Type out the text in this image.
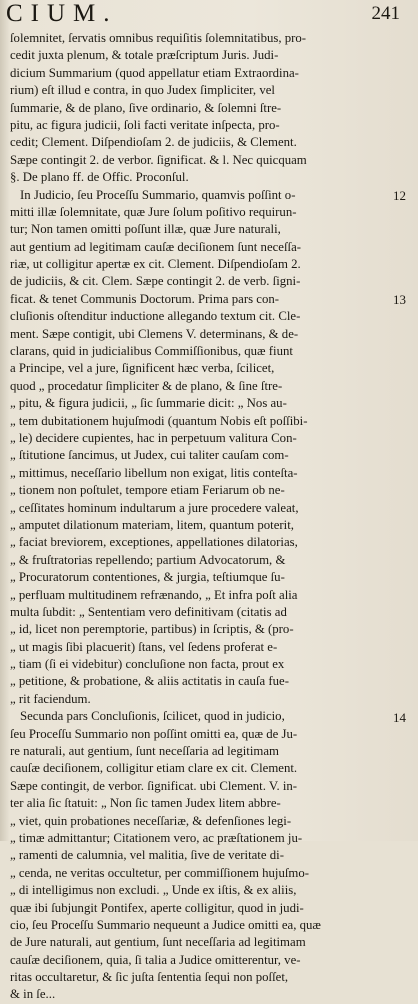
CIUM.	241
ſolemnitet, ſervatis omnibus requiſitis ſolemnitatibus, pro-
cedit juxta plenum, & totale præſcriptum Juris. Judi-
dicium Summarium (quod appellatur etiam Extraordina-
rium) eſt illud e contra, in quo Judex ſimpliciter, vel
ſummarie, & de plano, ſive ordinario, & ſolemni ſtre-
pitu, ac figura judicii, ſoli facti veritate inſpecta, pro-
cedit; Clement. Diſpendioſam 2. de judiciis, & Clement.
Sæpe contingit 2. de verbor. ſignificat. & l. Nec quicquam
§. De plano ff. de Offic. Proconſul.
In Judicio, ſeu Proceſſu Summario, quamvis poſſint o-
mitti illæ ſolemnitate, quæ Jure ſolum poſitivo requirun-
tur; Non tamen omitti poſſunt illæ, quæ Jure naturali,
aut gentium ad legitimam cauſæ deciſionem ſunt neceſſa-
riæ, ut colligitur apertæ ex cit. Clement. Diſpendioſam 2.
de judiciis, & cit. Clem. Sæpe contingit 2. de verb. ſigni-
ficat. & tenet Communis Doctorum. Prima pars con-
cluſionis oſtenditur inductione allegando textum cit. Cle-
ment. Sæpe contigit, ubi Clemens V. determinans, & de-
clarans, quid in judicialibus Commiſſionibus, quæ fiunt
a Principe, vel a jure, ſignificent hæc verba, ſcilicet,
quod „ procedatur ſimpliciter & de plano, & ſine ſtre-
„ pitu, & figura judicii, „ ſic ſummarie dicit: „ Nos au-
„ tem dubitationem hujuſmodi (quantum Nobis eſt poſſibi-
„ le) decidere cupientes, hac in perpetuum valitura Con-
„ ſtitutione ſancimus, ut Judex, cui taliter cauſam com-
„ mittimus, neceſſario libellum non exigat, litis conteſta-
„ tionem non poſtulet, tempore etiam Feriarum ob ne-
„ ceſſitates hominum indultarum a jure procedere valeat,
„ amputet dilationum materiam, litem, quantum poterit,
„ faciat breviorem, exceptiones, appellationes dilatorias,
„ & fruſtratorias repellendo; partium Advocatorum, &
„ Procuratorum contentiones, & jurgia, teſtiumque ſu-
„ perfluam multitudinem refrænando, „ Et infra poſt alia
multa ſubdit: „ Sententiam vero definitivam (citatis ad
„ id, licet non peremptorie, partibus) in ſcriptis, & (pro-
„ ut magis ſibi placuerit) ſtans, vel ſedens proferat e-
„ tiam (ſi ei videbitur) concluſione non facta, prout ex
„ petitione, & probatione, & aliis actitatis in cauſa fue-
„ rit faciendum.
Secunda pars Concluſionis, ſcilicet, quod in judicio,
ſeu Proceſſu Summario non poſſint omitti ea, quæ de Ju-
re naturali, aut gentium, ſunt neceſſaria ad legitimam
cauſæ deciſionem, colligitur etiam clare ex cit. Clement.
Sæpe contingit, de verbor. ſignificat. ubi Clement. V. in-
ter alia ſic ſtatuit: „ Non ſic tamen Judex litem abbre-
„ viet, quin probationes neceſſariæ, & defenſiones legi-
„ timæ admittantur; Citationem vero, ac præſtationem ju-
„ ramenti de calumnia, vel malitia, ſive de veritate di-
„ cenda, ne veritas occultetur, per commiſſionem hujuſmo-
„ di intelligimus non excludi. „ Unde ex iſtis, & ex aliis,
quæ ibi ſubjungit Pontifex, aperte colligitur, quod in judi-
cio, ſeu Proceſſu Summario nequeunt a Judice omitti ea, quæ
de Jure naturali, aut gentium, ſunt neceſſaria ad legitimam
cauſæ deciſionem, quia, ſi talia a Judice omitterentur, ve-
ritas occultaretur, & ſic juſta ſententia ſequi non poſſet,
& in ſe...
12
13
14
